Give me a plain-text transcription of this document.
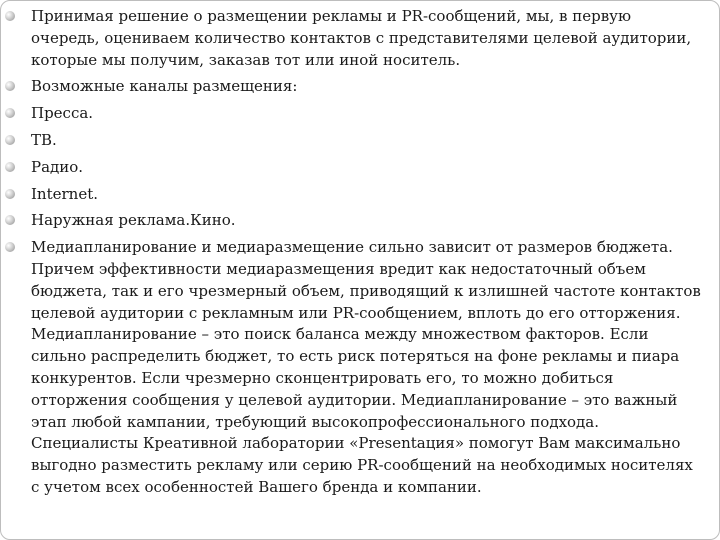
Принимая решение о размещении рекламы и PR-сообщений, мы, в первую очередь, оцениваем количество контактов с представителями целевой аудитории, которые мы получим, заказав тот или иной носитель.
Возможные каналы размещения:
Пресса.
ТВ.
Радио.
Internet.
Наружная реклама.Кино.
Медиапланирование и медиаразмещение сильно зависит от размеров бюджета. Причем эффективности медиаразмещения вредит как недостаточный объем бюджета, так и его чрезмерный объем, приводящий к излишней частоте контактов целевой аудитории с рекламным или PR-сообщением, вплоть до его отторжения. Медиапланирование – это поиск баланса между множеством факторов. Если сильно распределить бюджет, то есть риск потеряться на фоне рекламы и пиара конкурентов. Если чрезмерно сконцентрировать его, то можно добиться отторжения сообщения у целевой аудитории. Медиапланирование – это важный этап любой кампании, требующий высокопрофессионального подхода. Специалисты Креативной лаборатории «Presentация» помогут Вам максимально выгодно разместить рекламу или серию PR-сообщений на необходимых носителях с учетом всех особенностей Вашего бренда и компании.
